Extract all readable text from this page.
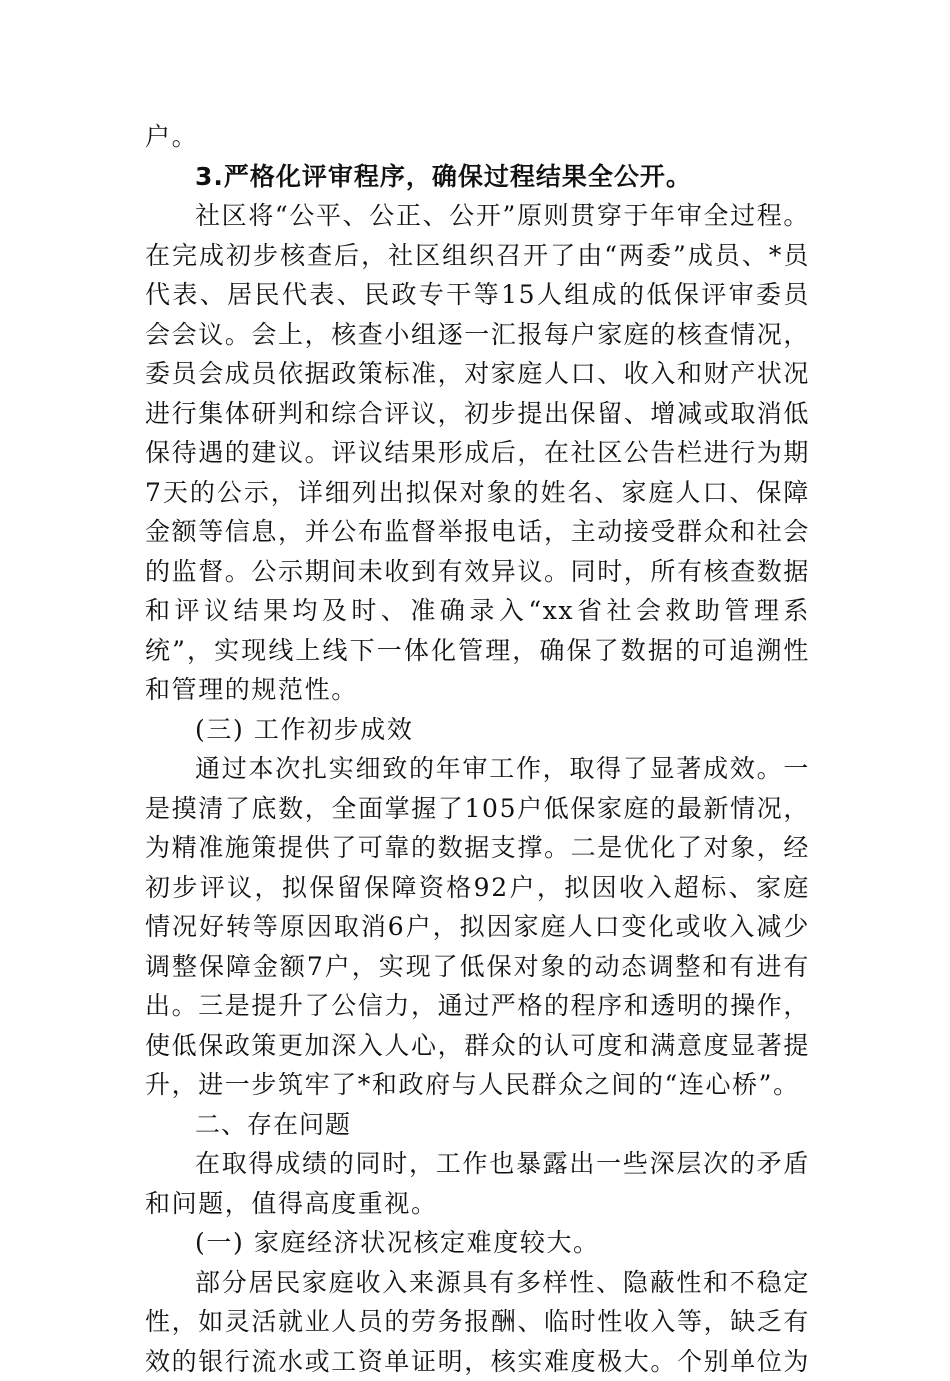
户。

3.严格化评审程序，确保过程结果全公开。

社区将“公平、公正、公开”原则贯穿于年审全过程。在完成初步核查后，社区组织召开了由“两委”成员、*员代表、居民代表、民政专干等15人组成的低保评审委员会会议。会上，核查小组逐一汇报每户家庭的核查情况，委员会成员依据政策标准，对家庭人口、收入和财产状况进行集体研判和综合评议，初步提出保留、增减或取消低保待遇的建议。评议结果形成后，在社区公告栏进行为期7天的公示，详细列出拟保对象的姓名、家庭人口、保障金额等信息，并公布监督举报电话，主动接受群众和社会的监督。公示期间未收到有效异议。同时，所有核查数据和评议结果均及时、准确录入“xx省社会救助管理系统”，实现线上线下一体化管理，确保了数据的可追溯性和管理的规范性。

(三) 工作初步成效

通过本次扎实细致的年审工作，取得了显著成效。一是摸清了底数，全面掌握了105户低保家庭的最新情况，为精准施策提供了可靠的数据支撑。二是优化了对象，经初步评议，拟保留保障资格92户，拟因收入超标、家庭情况好转等原因取消6户，拟因家庭人口变化或收入减少调整保障金额7户，实现了低保对象的动态调整和有进有出。三是提升了公信力，通过严格的程序和透明的操作，使低保政策更加深入人心，群众的认可度和满意度显著提升，进一步筑牢了*和政府与人民群众之间的“连心桥”。

二、存在问题

在取得成绩的同时，工作也暴露出一些深层次的矛盾和问题，值得高度重视。

(一) 家庭经济状况核定难度较大。

部分居民家庭收入来源具有多样性、隐蔽性和不稳定性，如灵活就业人员的劳务报酬、临时性收入等，缺乏有效的银行流水或工资单证明，核实难度极大。个别单位为
